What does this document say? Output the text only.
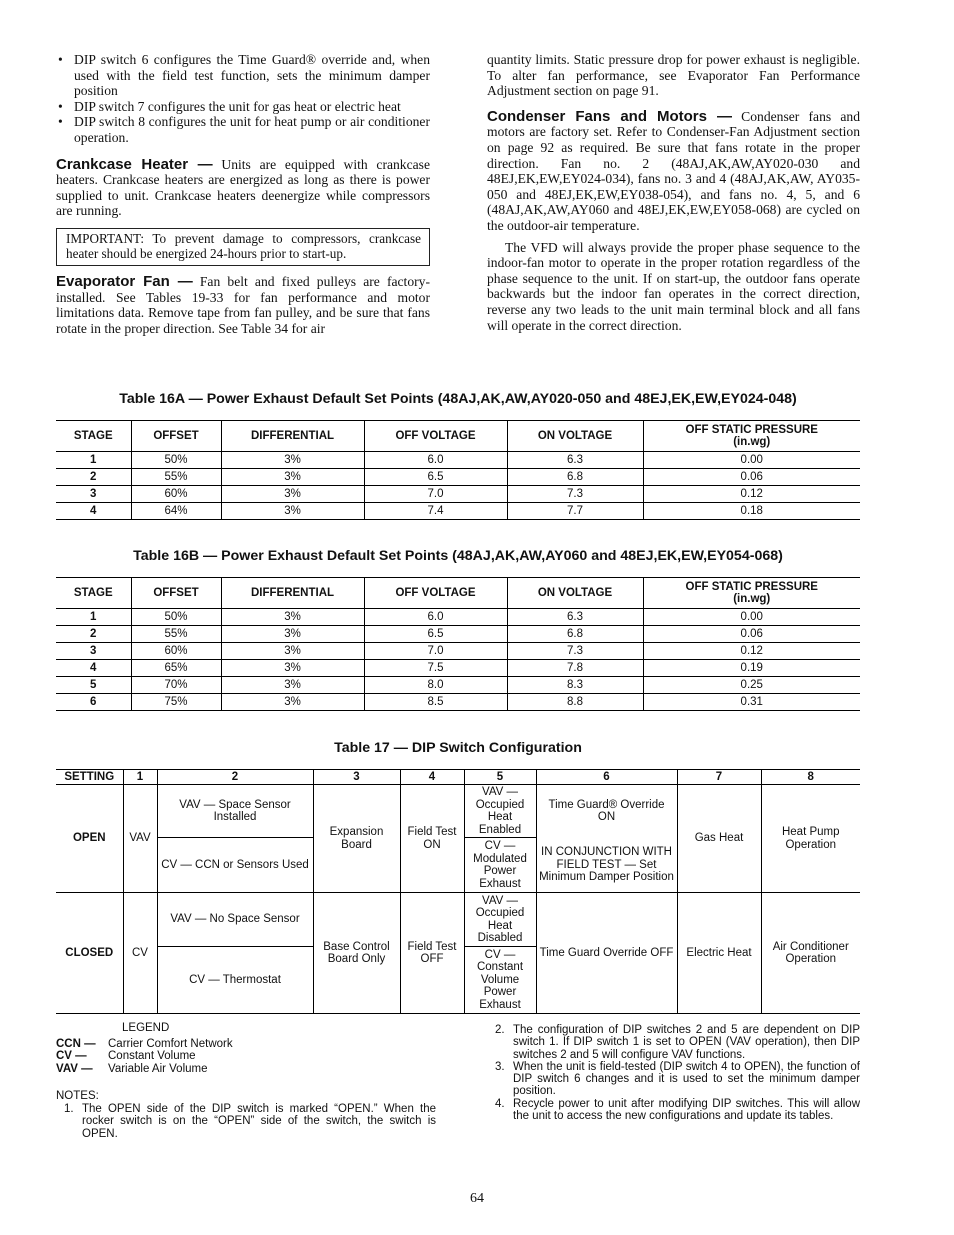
• DIP switch 6 configures the Time Guard® override and, when used with the field test function, sets the minimum damper position
• DIP switch 7 configures the unit for gas heat or electric heat
• DIP switch 8 configures the unit for heat pump or air conditioner operation.

Crankcase Heater — Units are equipped with crankcase heaters. Crankcase heaters are energized as long as there is power supplied to unit. Crankcase heaters deenergize while compressors are running.

IMPORTANT: To prevent damage to compressors, crankcase heater should be energized 24-hours prior to start-up.

Evaporator Fan — Fan belt and fixed pulleys are factory-installed. See Tables 19-33 for fan performance and motor limitations data. Remove tape from fan pulley, and be sure that fans rotate in the proper direction. See Table 34 for air

quantity limits. Static pressure drop for power exhaust is negligible. To alter fan performance, see Evaporator Fan Performance Adjustment section on page 91.

Condenser Fans and Motors — Condenser fans and motors are factory set. Refer to Condenser-Fan Adjustment section on page 92 as required. Be sure that fans rotate in the proper direction. Fan no. 2 (48AJ,AK,AW,AY020-030 and 48EJ,EK,EW,EY024-034), fans no. 3 and 4 (48AJ,AK,AW, AY035-050 and 48EJ,EK,EW,EY038-054), and fans no. 4, 5, and 6 (48AJ,AK,AW,AY060 and 48EJ,EK,EW,EY058-068) are cycled on the outdoor-air temperature.

The VFD will always provide the proper phase sequence to the indoor-fan motor to operate in the proper rotation regardless of the phase sequence to the unit. If on start-up, the outdoor fans operate backwards but the indoor fan operates in the correct direction, reverse any two leads to the unit main terminal block and all fans will operate in the correct direction.

Table 16A — Power Exhaust Default Set Points (48AJ,AK,AW,AY020-050 and 48EJ,EK,EW,EY024-048)
STAGE	OFFSET	DIFFERENTIAL	OFF VOLTAGE	ON VOLTAGE	OFF STATIC PRESSURE
(in.wg)
1	50%	3%	6.0	6.3	0.00
2	55%	3%	6.5	6.8	0.06
3	60%	3%	7.0	7.3	0.12
4	64%	3%	7.4	7.7	0.18
Table 16B — Power Exhaust Default Set Points (48AJ,AK,AW,AY060 and 48EJ,EK,EW,EY054-068)
STAGE	OFFSET	DIFFERENTIAL	OFF VOLTAGE	ON VOLTAGE	OFF STATIC PRESSURE
(in.wg)
1	50%	3%	6.0	6.3	0.00
2	55%	3%	6.5	6.8	0.06
3	60%	3%	7.0	7.3	0.12
4	65%	3%	7.5	7.8	0.19
5	70%	3%	8.0	8.3	0.25
6	75%	3%	8.5	8.8	0.31
Table 17 — DIP Switch Configuration
SETTING	1	2	3	4	5	6	7	8
OPEN	VAV	VAV — Space Sensor Installed	Expansion Board	Field Test ON	VAV — Occupied Heat Enabled	Time Guard® Override ON	Gas Heat	Heat Pump Operation
		CV — CCN or Sensors Used			CV — Modulated Power Exhaust	IN CONJUNCTION WITH FIELD TEST — Set Minimum Damper Position		
CLOSED	CV	VAV — No Space Sensor	Base Control Board Only	Field Test OFF	VAV — Occupied Heat Disabled	Time Guard Override OFF	Electric Heat	Air Conditioner Operation
		CV — Thermostat			CV — Constant Volume Power Exhaust			
LEGEND
CCN —	Carrier Comfort Network
CV —	Constant Volume
VAV —	Variable Air Volume
NOTES:
1. The OPEN side of the DIP switch is marked “OPEN.” When the rocker switch is on the “OPEN” side of the switch, the switch is OPEN.
2. The configuration of DIP switches 2 and 5 are dependent on DIP switch 1. If DIP switch 1 is set to OPEN (VAV operation), then DIP switches 2 and 5 will configure VAV functions.
3. When the unit is field-tested (DIP switch 4 to OPEN), the function of DIP switch 6 changes and it is used to set the minimum damper position.
4. Recycle power to unit after modifying DIP switches. This will allow the unit to access the new configurations and update its tables.
64
